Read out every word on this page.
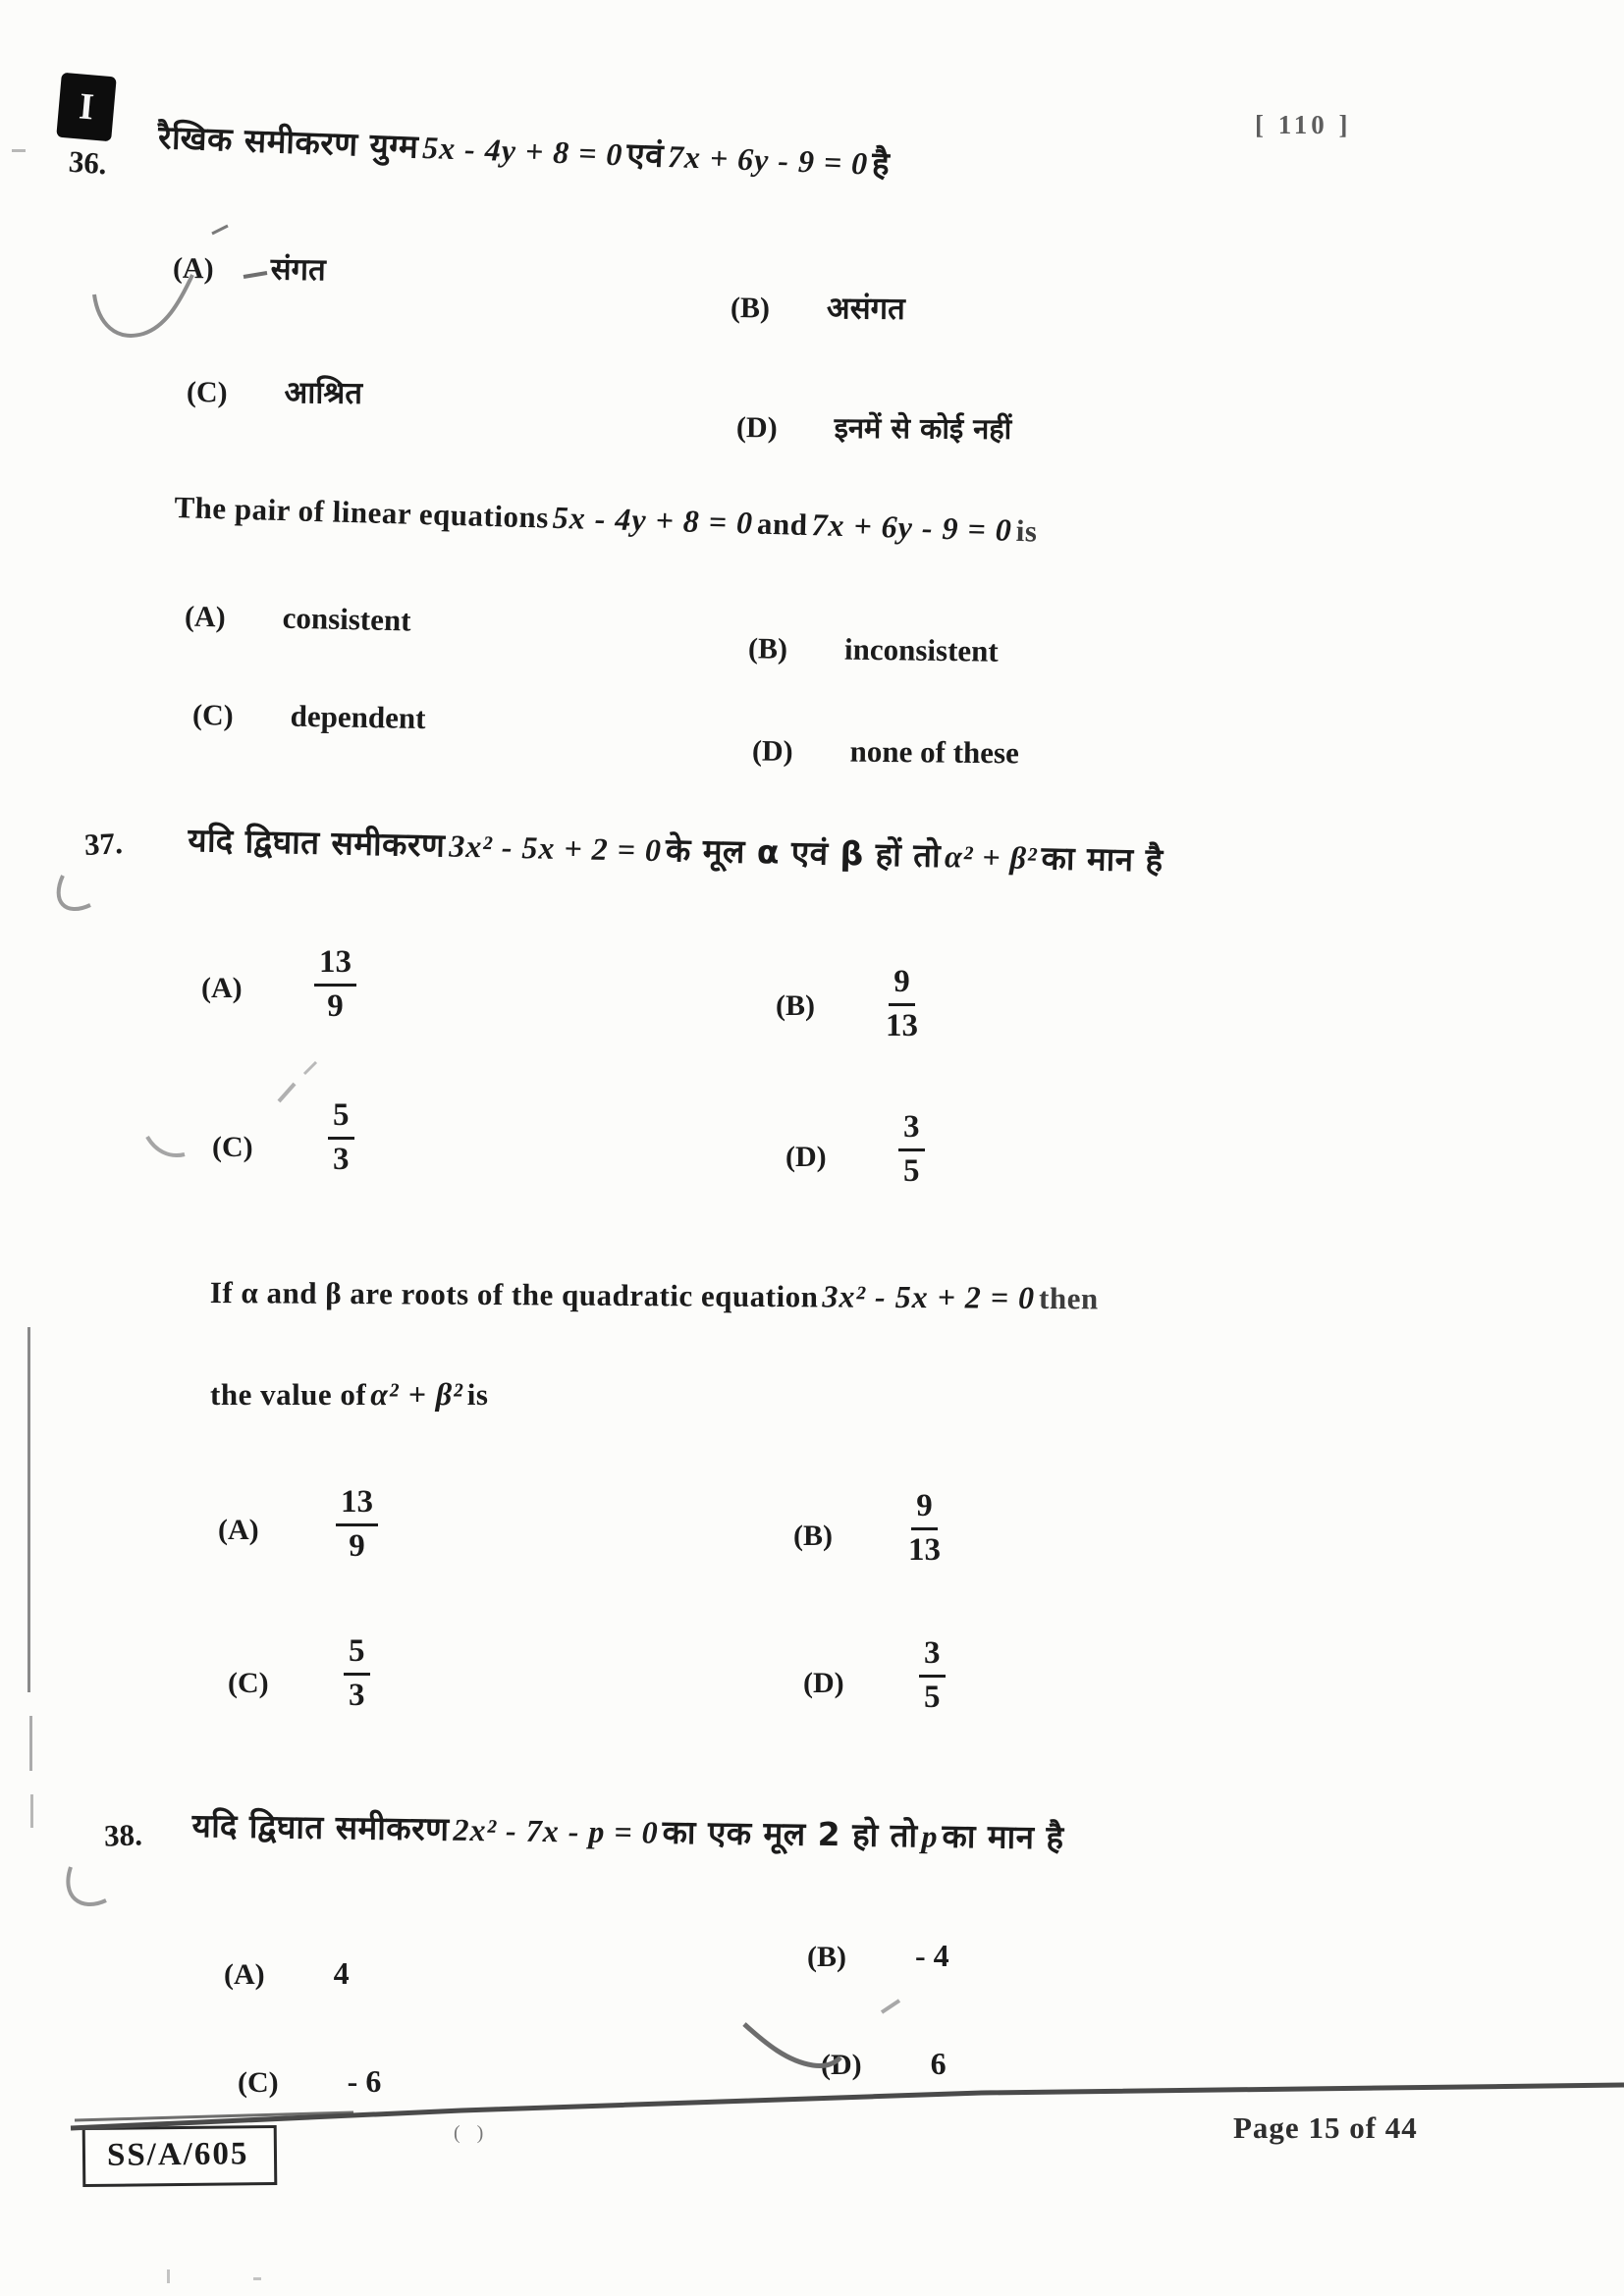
I	[ 110 ]
36. रैखिक समीकरण युग्म 5x - 4y + 8 = 0 एवं 7x + 6y - 9 = 0 है
(A) संगत
(B) असंगत
(C) आश्रित
(D) इनमें से कोई नहीं
The pair of linear equations 5x - 4y + 8 = 0 and 7x + 6y - 9 = 0 is
(A) consistent
(B) inconsistent
(C) dependent
(D) none of these
37. यदि द्विघात समीकरण 3x² - 5x + 2 = 0 के मूल α एवं β हों तो α² + β² का मान है
$(A) \frac{13}{9}$	$(B) \frac{9}{13}$
$(C) \frac{5}{3}$	$(D) \frac{3}{5}$
If α and β are roots of the quadratic equation 3x² - 5x + 2 = 0 then
the value of α² + β² is
$(A) \frac{13}{9}$	$(B) \frac{9}{13}$
$(C) \frac{5}{3}$	$(D) \frac{3}{5}$
38. यदि द्विघात समीकरण 2x² - 7x - p = 0 का एक मूल 2 हो तो p का मान है
(A) 4	(B) - 4
(C) - 6	(D) 6
SS/A/605
Page 15 of 44
( )
